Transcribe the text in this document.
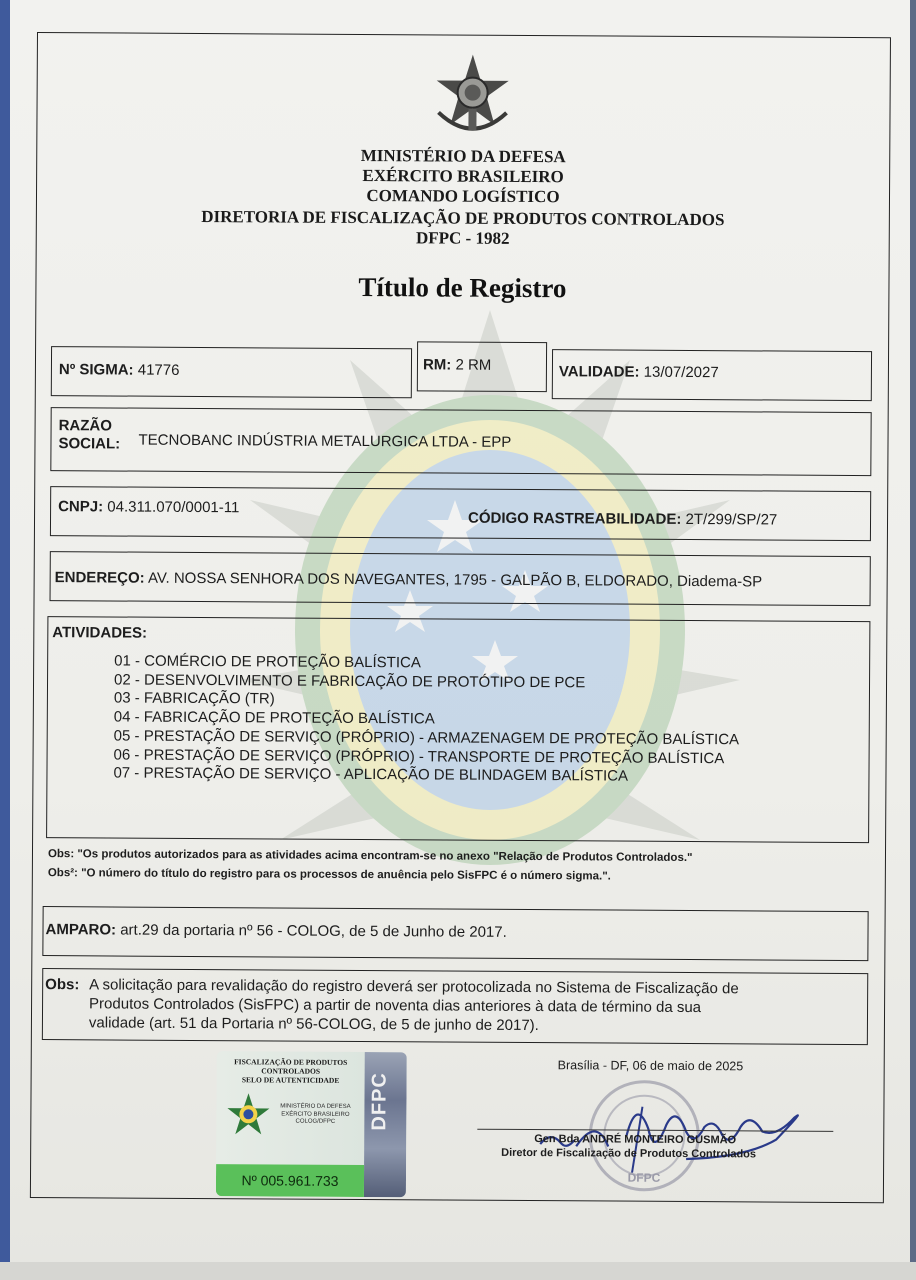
MINISTÉRIO DA DEFESA
EXÉRCITO BRASILEIRO
COMANDO LOGÍSTICO
DIRETORIA DE FISCALIZAÇÃO DE PRODUTOS CONTROLADOS
DFPC - 1982
Título de Registro
Nº SIGMA: 41776	RM: 2 RM	VALIDADE: 13/07/2027
RAZÃO
SOCIAL: TECNOBANC INDÚSTRIA METALURGICA LTDA - EPP
CNPJ: 04.311.070/0001-11
CÓDIGO RASTREABILIDADE: 2T/299/SP/27
ENDEREÇO: AV. NOSSA SENHORA DOS NAVEGANTES, 1795 - GALPÃO B, ELDORADO, Diadema-SP
ATIVIDADES:
01 - COMÉRCIO DE PROTEÇÃO BALÍSTICA
02 - DESENVOLVIMENTO E FABRICAÇÃO DE PROTÓTIPO DE PCE
03 - FABRICAÇÃO (TR)
04 - FABRICAÇÃO DE PROTEÇÃO BALÍSTICA
05 - PRESTAÇÃO DE SERVIÇO (PRÓPRIO) - ARMAZENAGEM DE PROTEÇÃO BALÍSTICA
06 - PRESTAÇÃO DE SERVIÇO (PRÓPRIO) - TRANSPORTE DE PROTEÇÃO BALÍSTICA
07 - PRESTAÇÃO DE SERVIÇO - APLICAÇÃO DE BLINDAGEM BALÍSTICA
Obs: "Os produtos autorizados para as atividades acima encontram-se no anexo "Relação de Produtos Controlados."
Obs²: "O número do título do registro para os processos de anuência pelo SisFPC é o número sigma.".
AMPARO: art.29 da portaria nº 56 - COLOG, de 5 de Junho de 2017.
Obs: A solicitação para revalidação do registro deverá ser protocolizada no Sistema de Fiscalização de
Produtos Controlados (SisFPC) a partir de noventa dias anteriores à data de término da sua
validade (art. 51 da Portaria nº 56-COLOG, de 5 de junho de 2017).
FISCALIZAÇÃO DE PRODUTOS
CONTROLADOS
SELO DE AUTENTICIDADE
MINISTÉRIO DA DEFESA
EXÉRCITO BRASILEIRO
COLOG/DFPC	DFPC
Nº 005.961.733
Brasília - DF, 06 de maio de 2025
DFPC
Gen Bda ANDRÉ MONTEIRO GUSMÃO
Diretor de Fiscalização de Produtos Controlados
